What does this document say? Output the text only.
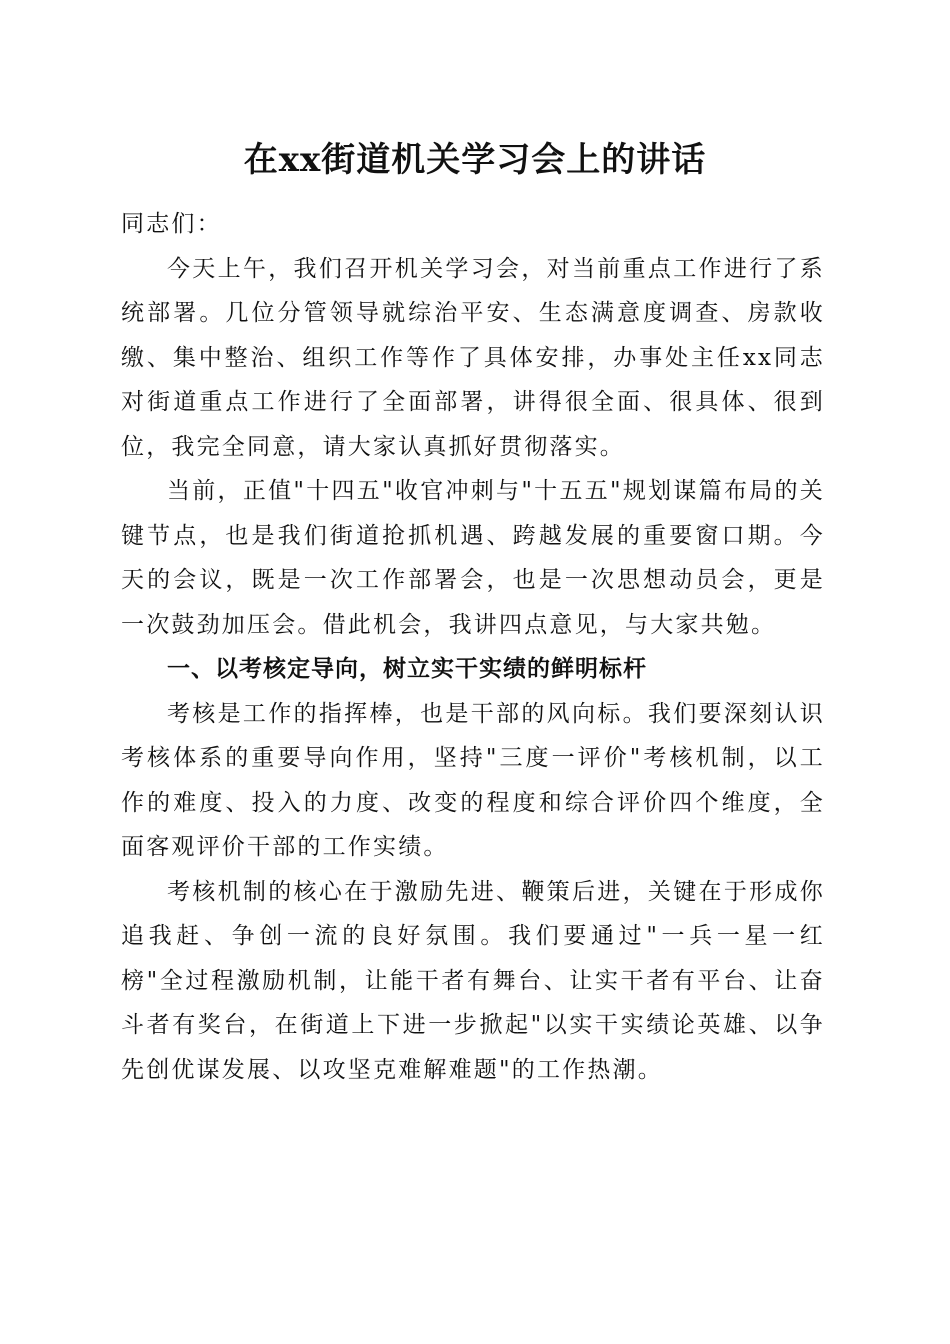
在xx街道机关学习会上的讲话

同志们：

今天上午，我们召开机关学习会，对当前重点工作进行了系统部署。几位分管领导就综治平安、生态满意度调查、房款收缴、集中整治、组织工作等作了具体安排，办事处主任xx同志对街道重点工作进行了全面部署，讲得很全面、很具体、很到位，我完全同意，请大家认真抓好贯彻落实。

当前，正值"十四五"收官冲刺与"十五五"规划谋篇布局的关键节点，也是我们街道抢抓机遇、跨越发展的重要窗口期。今天的会议，既是一次工作部署会，也是一次思想动员会，更是一次鼓劲加压会。借此机会，我讲四点意见，与大家共勉。

一、以考核定导向，树立实干实绩的鲜明标杆

考核是工作的指挥棒，也是干部的风向标。我们要深刻认识考核体系的重要导向作用，坚持"三度一评价"考核机制，以工作的难度、投入的力度、改变的程度和综合评价四个维度，全面客观评价干部的工作实绩。

考核机制的核心在于激励先进、鞭策后进，关键在于形成你追我赶、争创一流的良好氛围。我们要通过"一兵一星一红榜"全过程激励机制，让能干者有舞台、让实干者有平台、让奋斗者有奖台，在街道上下进一步掀起"以实干实绩论英雄、以争先创优谋发展、以攻坚克难解难题"的工作热潮。
